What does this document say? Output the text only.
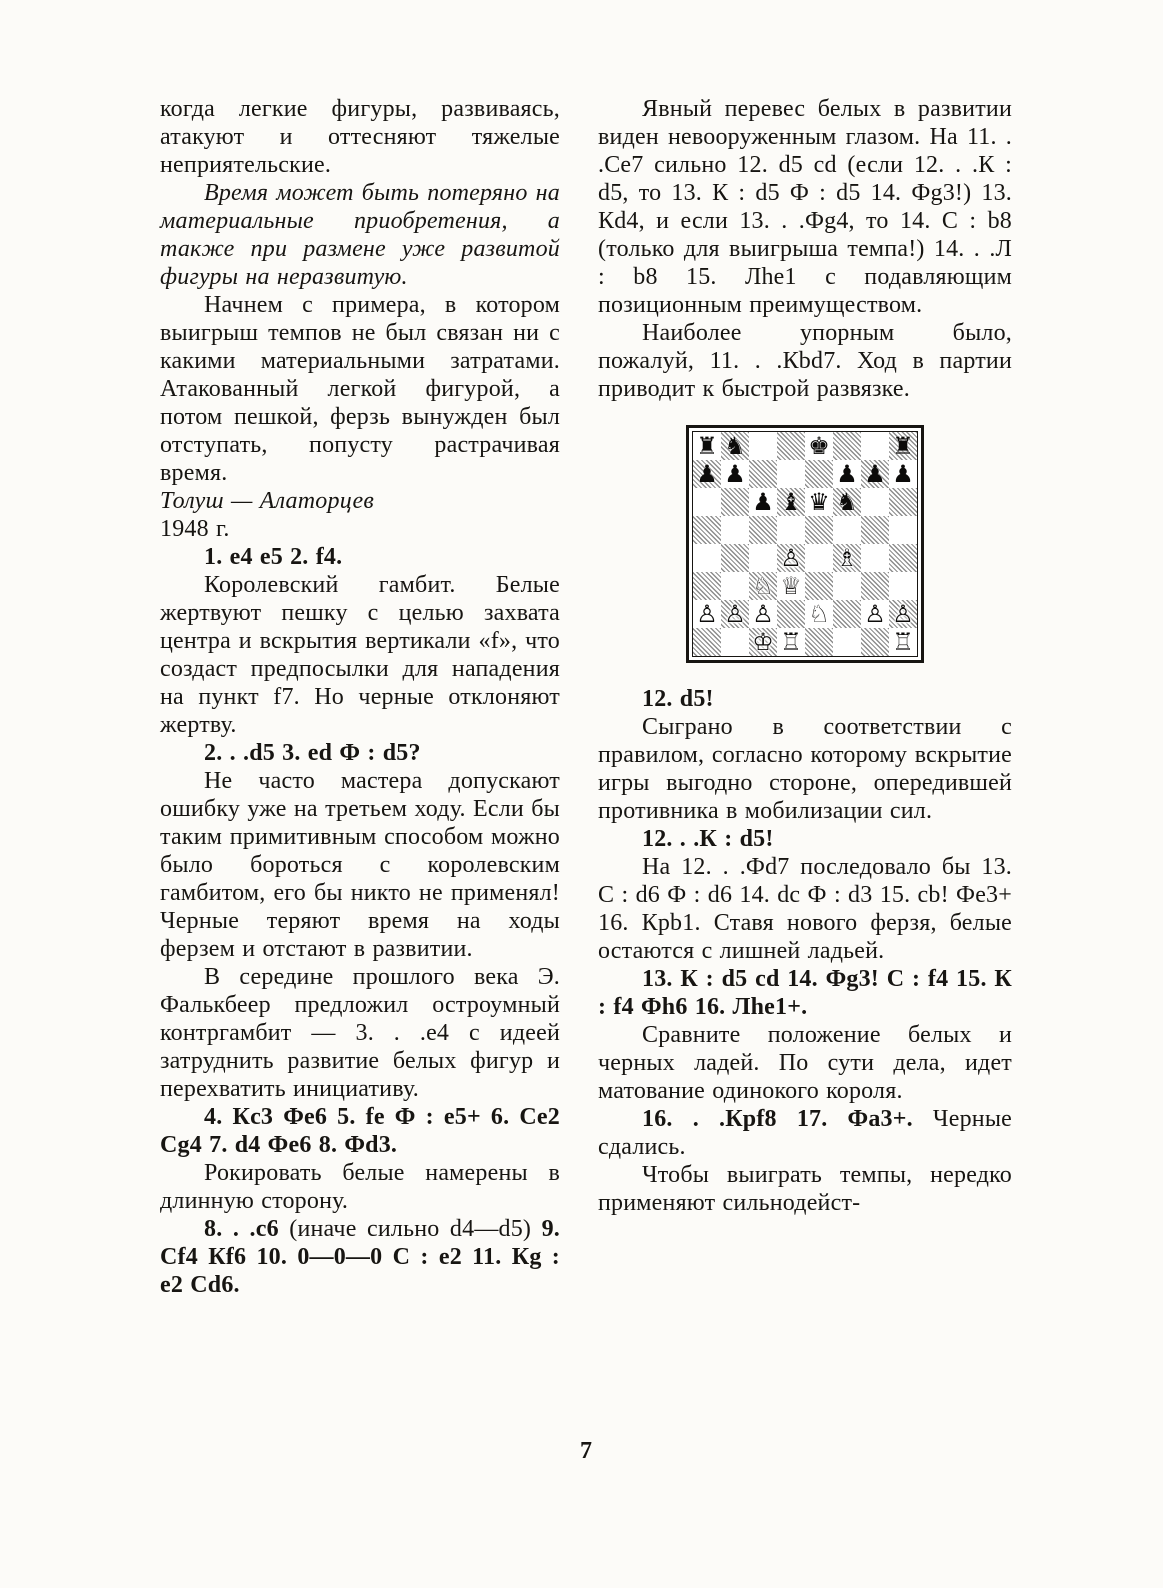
когда легкие фигуры, развиваясь, атакуют и оттесняют тяжелые неприятельские.

Время может быть потеряно на материальные приобретения, а также при размене уже развитой фигуры на неразвитую.

Начнем с примера, в котором выигрыш темпов не был связан ни с какими материальными затратами. Атакованный легкой фигурой, а потом пешкой, ферзь вынужден был отступать, попусту растрачивая время.

Толуш — Алаторцев

1948 г.

1. e4 e5 2. f4.

Королевский гамбит. Белые жертвуют пешку с целью захвата центра и вскрытия вертикали «f», что создаст предпосылки для нападения на пункт f7. Но черные отклоняют жертву.

2. . .d5 3. ed Ф : d5?

Не часто мастера допускают ошибку уже на третьем ходу. Если бы таким примитивным способом можно было бороться с королевским гамбитом, его бы никто не применял! Черные теряют время на ходы ферзем и отстают в развитии.

В середине прошлого века Э. Фалькбеер предложил остроумный контргамбит — 3. . .e4 с идеей затруднить развитие белых фигур и перехватить инициативу.

4. Кc3 Фe6 5. fe Ф : e5+ 6. Сe2 Сg4 7. d4 Фe6 8. Фd3.

Рокировать белые намерены в длинную сторону.

8. . .c6 (иначе сильно d4—d5) 9. Сf4 Кf6 10. 0—0—0 С : e2 11. Кg : e2 Сd6.

Явный перевес белых в развитии виден невооруженным глазом. На 11. . .Сe7 сильно 12. d5 cd (если 12. . .К : d5, то 13. К : d5 Ф : d5 14. Фg3!) 13. Кd4, и если 13. . .Фg4, то 14. С : b8 (только для выигрыша темпа!) 14. . .Л : b8 15. Лhe1 с подавляющим позиционным преимуществом.

Наиболее упорным было, пожалуй, 11. . .Кbd7. Ход в партии приводит к быстрой развязке.

♜ ♞	♚	♜
♟ ♟	♟ ♟ ♟
♟ ♝ ♛ ♞
♙ ♗
♘ ♕
♙ ♙ ♙ ♘ ♙ ♙
♔ ♖	♖

12. d5!

Сыграно в соответствии с правилом, согласно которому вскрытие игры выгодно стороне, опередившей противника в мобилизации сил.

12. . .К : d5!

На 12. . .Фd7 последовало бы 13. С : d6 Ф : d6 14. dc Ф : d3 15. cb! Фe3+ 16. Крb1. Ставя нового ферзя, белые остаются с лишней ладьей.

13. К : d5 cd 14. Фg3! С : f4 15. К : f4 Фh6 16. Лhe1+.

Сравните положение белых и черных ладей. По сути дела, идет матование одинокого короля.

16. . .Крf8 17. Фа3+. Черные сдались.

Чтобы выиграть темпы, нередко применяют сильнодейст-

7
